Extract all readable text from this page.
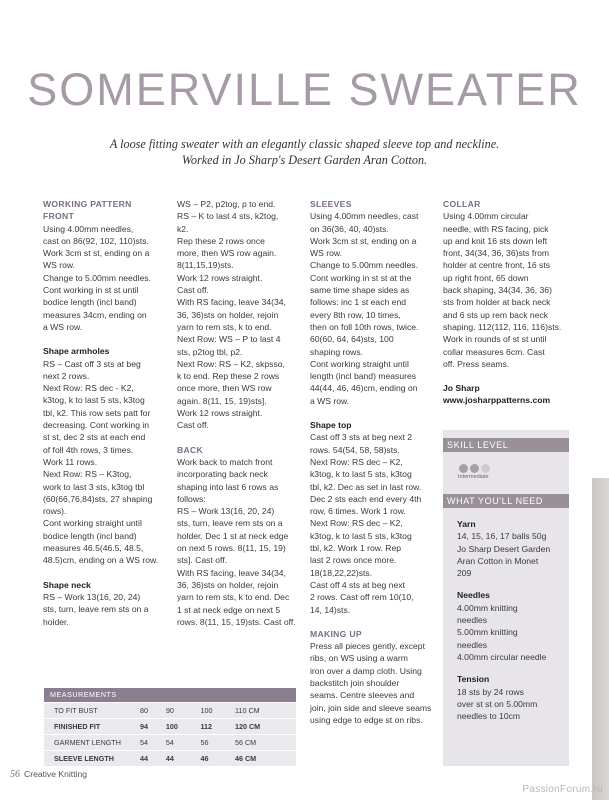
SOMERVILLE SWEATER
A loose fitting sweater with an elegantly classic shaped sleeve top and neckline.
Worked in Jo Sharp's Desert Garden Aran Cotton.

WORKING PATTERN

FRONT

Using 4.00mm needles,
cast on 86(92, 102, 110)sts.
Work 3cm st st, ending on a
WS row.
Change to 5.00mm needles.
Cont working in st st until
bodice length (incl band)
measures 34cm, ending on
a WS row.

Shape armholes

RS – Cast off 3 sts at beg
next 2 rows.
Next Row: RS dec - K2,
k3tog, k to last 5 sts, k3tog
tbl, k2. This row sets patt for
decreasing. Cont working in
st st, dec 2 sts at each end
of foll 4th rows, 3 times.
Work 11 rows.
Next Row: RS – K3tog,
work to last 3 sts, k3tog tbl
(60(66,76,84)sts, 27 shaping
rows).
Cont working straight until
bodice length (incl band)
measures 46.5(46.5, 48.5,
48.5)cm, ending on a WS row.

Shape neck

RS – Work 13(16, 20, 24)
sts, turn, leave rem sts on a
holder.
WS – P2, p2tog, p to end.
RS – K to last 4 sts, k2tog,
k2.
Rep these 2 rows once
more, then WS row again.
8(11,15,19)sts.
Work 12 rows straight.
Cast off.
With RS facing, leave 34(34,
36, 36)sts on holder, rejoin
yarn to rem sts, k to end.
Next Row: WS – P to last 4
sts, p2tog tbl, p2.
Next Row: RS – K2, skpsso,
k to end. Rep these 2 rows
once more, then WS row
again. 8(11, 15, 19)sts].
Work 12 rows straight.
Cast off.

BACK

Work back to match front
incorporating back neck
shaping into last 6 rows as
follows:
RS – Work 13(16, 20, 24)
sts, turn, leave rem sts on a
holder. Dec 1 st at neck edge
on next 5 rows. 8(11, 15, 19)
sts]. Cast off.
With RS facing, leave 34(34,
36, 36)sts on holder, rejoin
yarn to rem sts, k to end. Dec
1 st at neck edge on next 5
rows. 8(11, 15, 19)sts. Cast off.

SLEEVES

Using 4.00mm needles, cast
on 36(36, 40, 40)sts.
Work 3cm st st, ending on a
WS row.
Change to 5.00mm needles.
Cont working in st st at the
same time shape sides as
follows: inc 1 st each end
every 8th row, 10 times,
then on foll 10th rows, twice.
60(60, 64, 64)sts, 100
shaping rows.
Cont working straight until
length (incl band) measures
44(44, 46, 46)cm, ending on
a WS row.

Shape top

Cast off 3 sts at beg next 2
rows. 54(54, 58, 58)sts.
Next Row: RS dec – K2,
k3tog, k to last 5 sts, k3tog
tbl, k2. Dec as set in last row.
Dec 2 sts each end every 4th
row, 6 times. Work 1 row.
Next Row: RS dec – K2,
k3tog, k to last 5 sts, k3tog
tbl, k2. Work 1 row. Rep
last 2 rows once more.
18(18,22,22)sts.
Cast off 4 sts at beg next
2 rows. Cast off rem 10(10,
14, 14)sts.

MAKING UP

Press all pieces gently, except
ribs, on WS using a warm
iron over a damp cloth. Using
backstitch join shoulder
seams. Centre sleeves and
join, join side and sleeve seams
using edge to edge st on ribs.

COLLAR

Using 4.00mm circular
needle, with RS facing, pick
up and knit 16 sts down left
front, 34(34, 36, 36)sts from
holder at centre front, 16 sts
up right front, 65 down
back shaping, 34(34, 36, 36)
sts from holder at back neck
and 6 sts up rem back neck
shaping. 112(112, 116, 116)sts.
Work in rounds of st st until
collar measures 6cm. Cast
off. Press seams.

Jo Sharp

www.josharppatterns.com

SKILL LEVEL
Intermediate
WHAT YOU'LL NEED

Yarn

14, 15, 16, 17 balls 50g
Jo Sharp Desert Garden
Aran Cotton in Monet
209

Needles

4.00mm knitting
needles
5.00mm knitting
needles
4.00mm circular needle

Tension

18 sts by 24 rows
over st st on 5.00mm
needles to 10cm
MEASUREMENTS
TO FIT BUST	80	90	100	110 CM
FINISHED FIT	94	100	112	120 CM
GARMENT LENGTH	54	54	56	56 CM
SLEEVE LENGTH	44	44	46	46 CM
56 Creative Knitting
PassionForum.ru
